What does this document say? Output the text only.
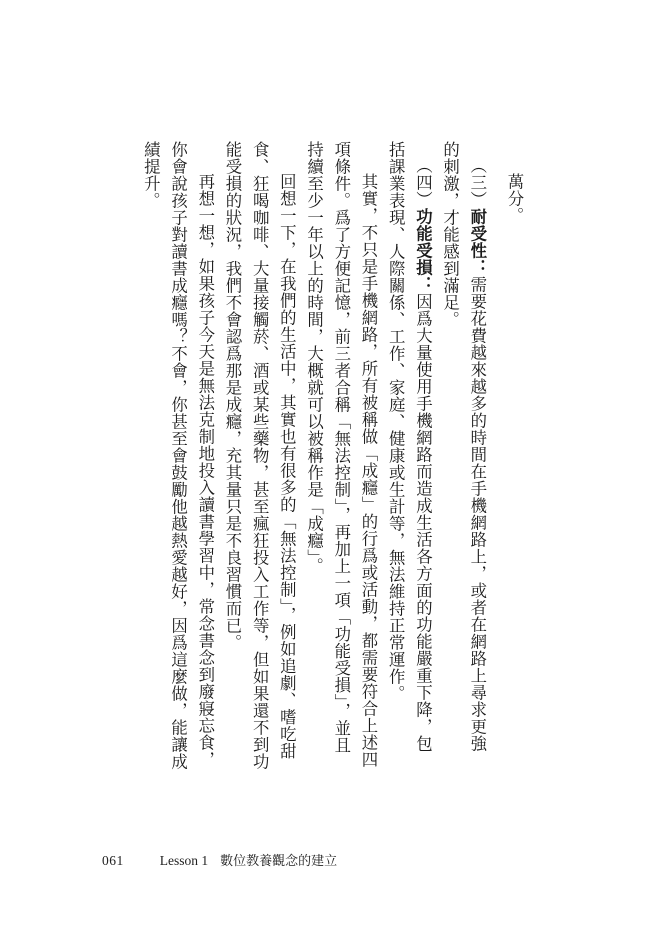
萬分。
（三）耐受性：需要花費越來越多的時間在手機網路上，或者在網路上尋求更強
的刺激，才能感到滿足。
（四）功能受損：因爲大量使用手機網路而造成生活各方面的功能嚴重下降，包
括課業表現、人際關係、工作、家庭、健康或生計等，無法維持正常運作。
其實，不只是手機網路，所有被稱做「成癮」的行爲或活動，都需要符合上述四
項條件。爲了方便記憶，前三者合稱「無法控制」，再加上一項「功能受損」，並且
持續至少一年以上的時間，大概就可以被稱作是「成癮」。
回想一下，在我們的生活中，其實也有很多的「無法控制」，例如追劇、嗜吃甜
食、狂喝咖啡、大量接觸菸、酒或某些藥物，甚至瘋狂投入工作等，但如果還不到功
能受損的狀況，我們不會認爲那是成癮，充其量只是不良習慣而已。
再想一想，如果孩子今天是無法克制地投入讀書學習中，常念書念到廢寢忘食，
你會說孩子對讀書成癮嗎？不會，你甚至會鼓勵他越熱愛越好，因爲這麼做，能讓成
績提升。
061	Lesson 1 數位教養觀念的建立
